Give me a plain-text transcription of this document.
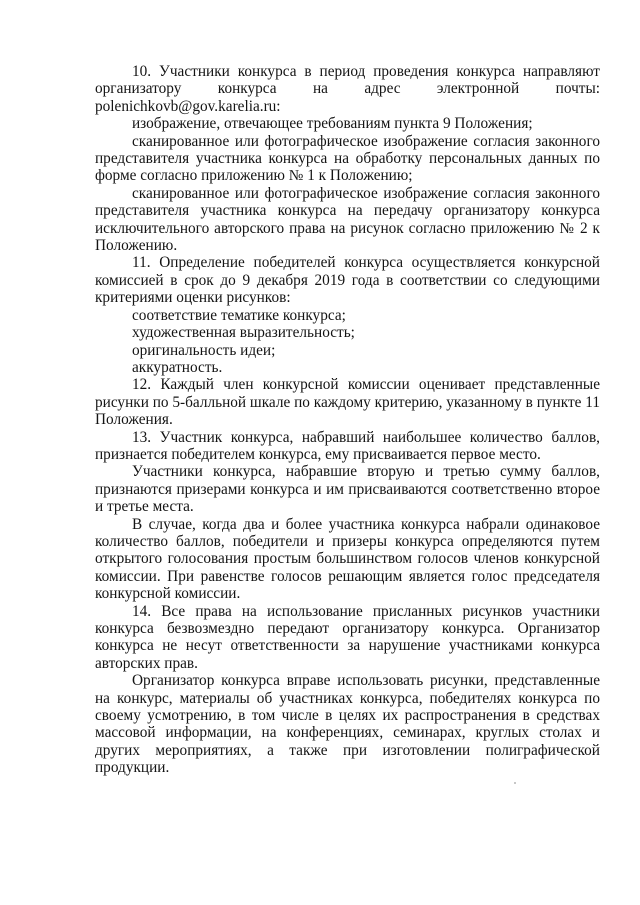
10. Участники конкурса в период проведения конкурса направляют организатору конкурса на адрес электронной почты: polenichkovb@gov.karelia.ru:

изображение, отвечающее требованиям пункта 9 Положения;

сканированное или фотографическое изображение согласия законного представителя участника конкурса на обработку персональных данных по форме согласно приложению № 1 к Положению;

сканированное или фотографическое изображение согласия законного представителя участника конкурса на передачу организатору конкурса исключительного авторского права на рисунок согласно приложению № 2 к Положению.

11. Определение победителей конкурса осуществляется конкурсной комиссией в срок до 9 декабря 2019 года в соответствии со следующими критериями оценки рисунков:

соответствие тематике конкурса;

художественная выразительность;

оригинальность идеи;

аккуратность.

12. Каждый член конкурсной комиссии оценивает представленные рисунки по 5-балльной шкале по каждому критерию, указанному в пункте 11 Положения.

13. Участник конкурса, набравший наибольшее количество баллов, признается победителем конкурса, ему присваивается первое место.

Участники конкурса, набравшие вторую и третью сумму баллов, признаются призерами конкурса и им присваиваются соответственно второе и третье места.

В случае, когда два и более участника конкурса набрали одинаковое количество баллов, победители и призеры конкурса определяются путем открытого голосования простым большинством голосов членов конкурсной комиссии. При равенстве голосов решающим является голос председателя конкурсной комиссии.

14. Все права на использование присланных рисунков участники конкурса безвозмездно передают организатору конкурса. Организатор конкурса не несут ответственности за нарушение участниками конкурса авторских прав.

Организатор конкурса вправе использовать рисунки, представленные на конкурс, материалы об участниках конкурса, победителях конкурса по своему усмотрению, в том числе в целях их распространения в средствах массовой информации, на конференциях, семинарах, круглых столах и других мероприятиях, а также при изготовлении полиграфической продукции.
